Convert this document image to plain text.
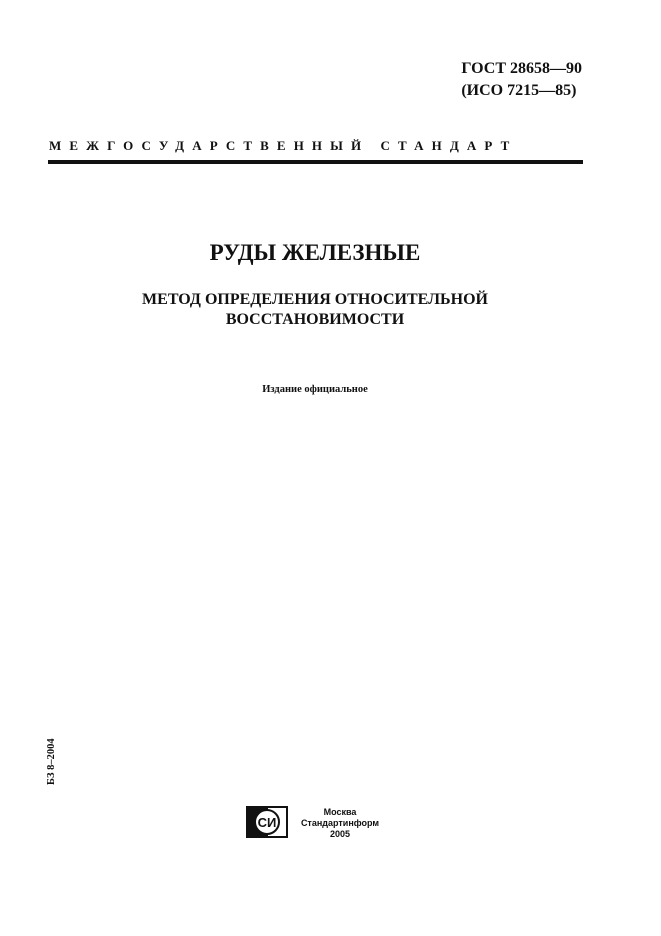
ГОСТ 28658—90
(ИСО 7215—85)
МЕЖГОСУДАРСТВЕННЫЙ СТАНДАРТ
РУДЫ ЖЕЛЕЗНЫЕ
МЕТОД ОПРЕДЕЛЕНИЯ ОТНОСИТЕЛЬНОЙ
ВОССТАНОВИМОСТИ
Издание официальное
БЗ 8–2004
СИ
Москва
Стандартинформ
2005
